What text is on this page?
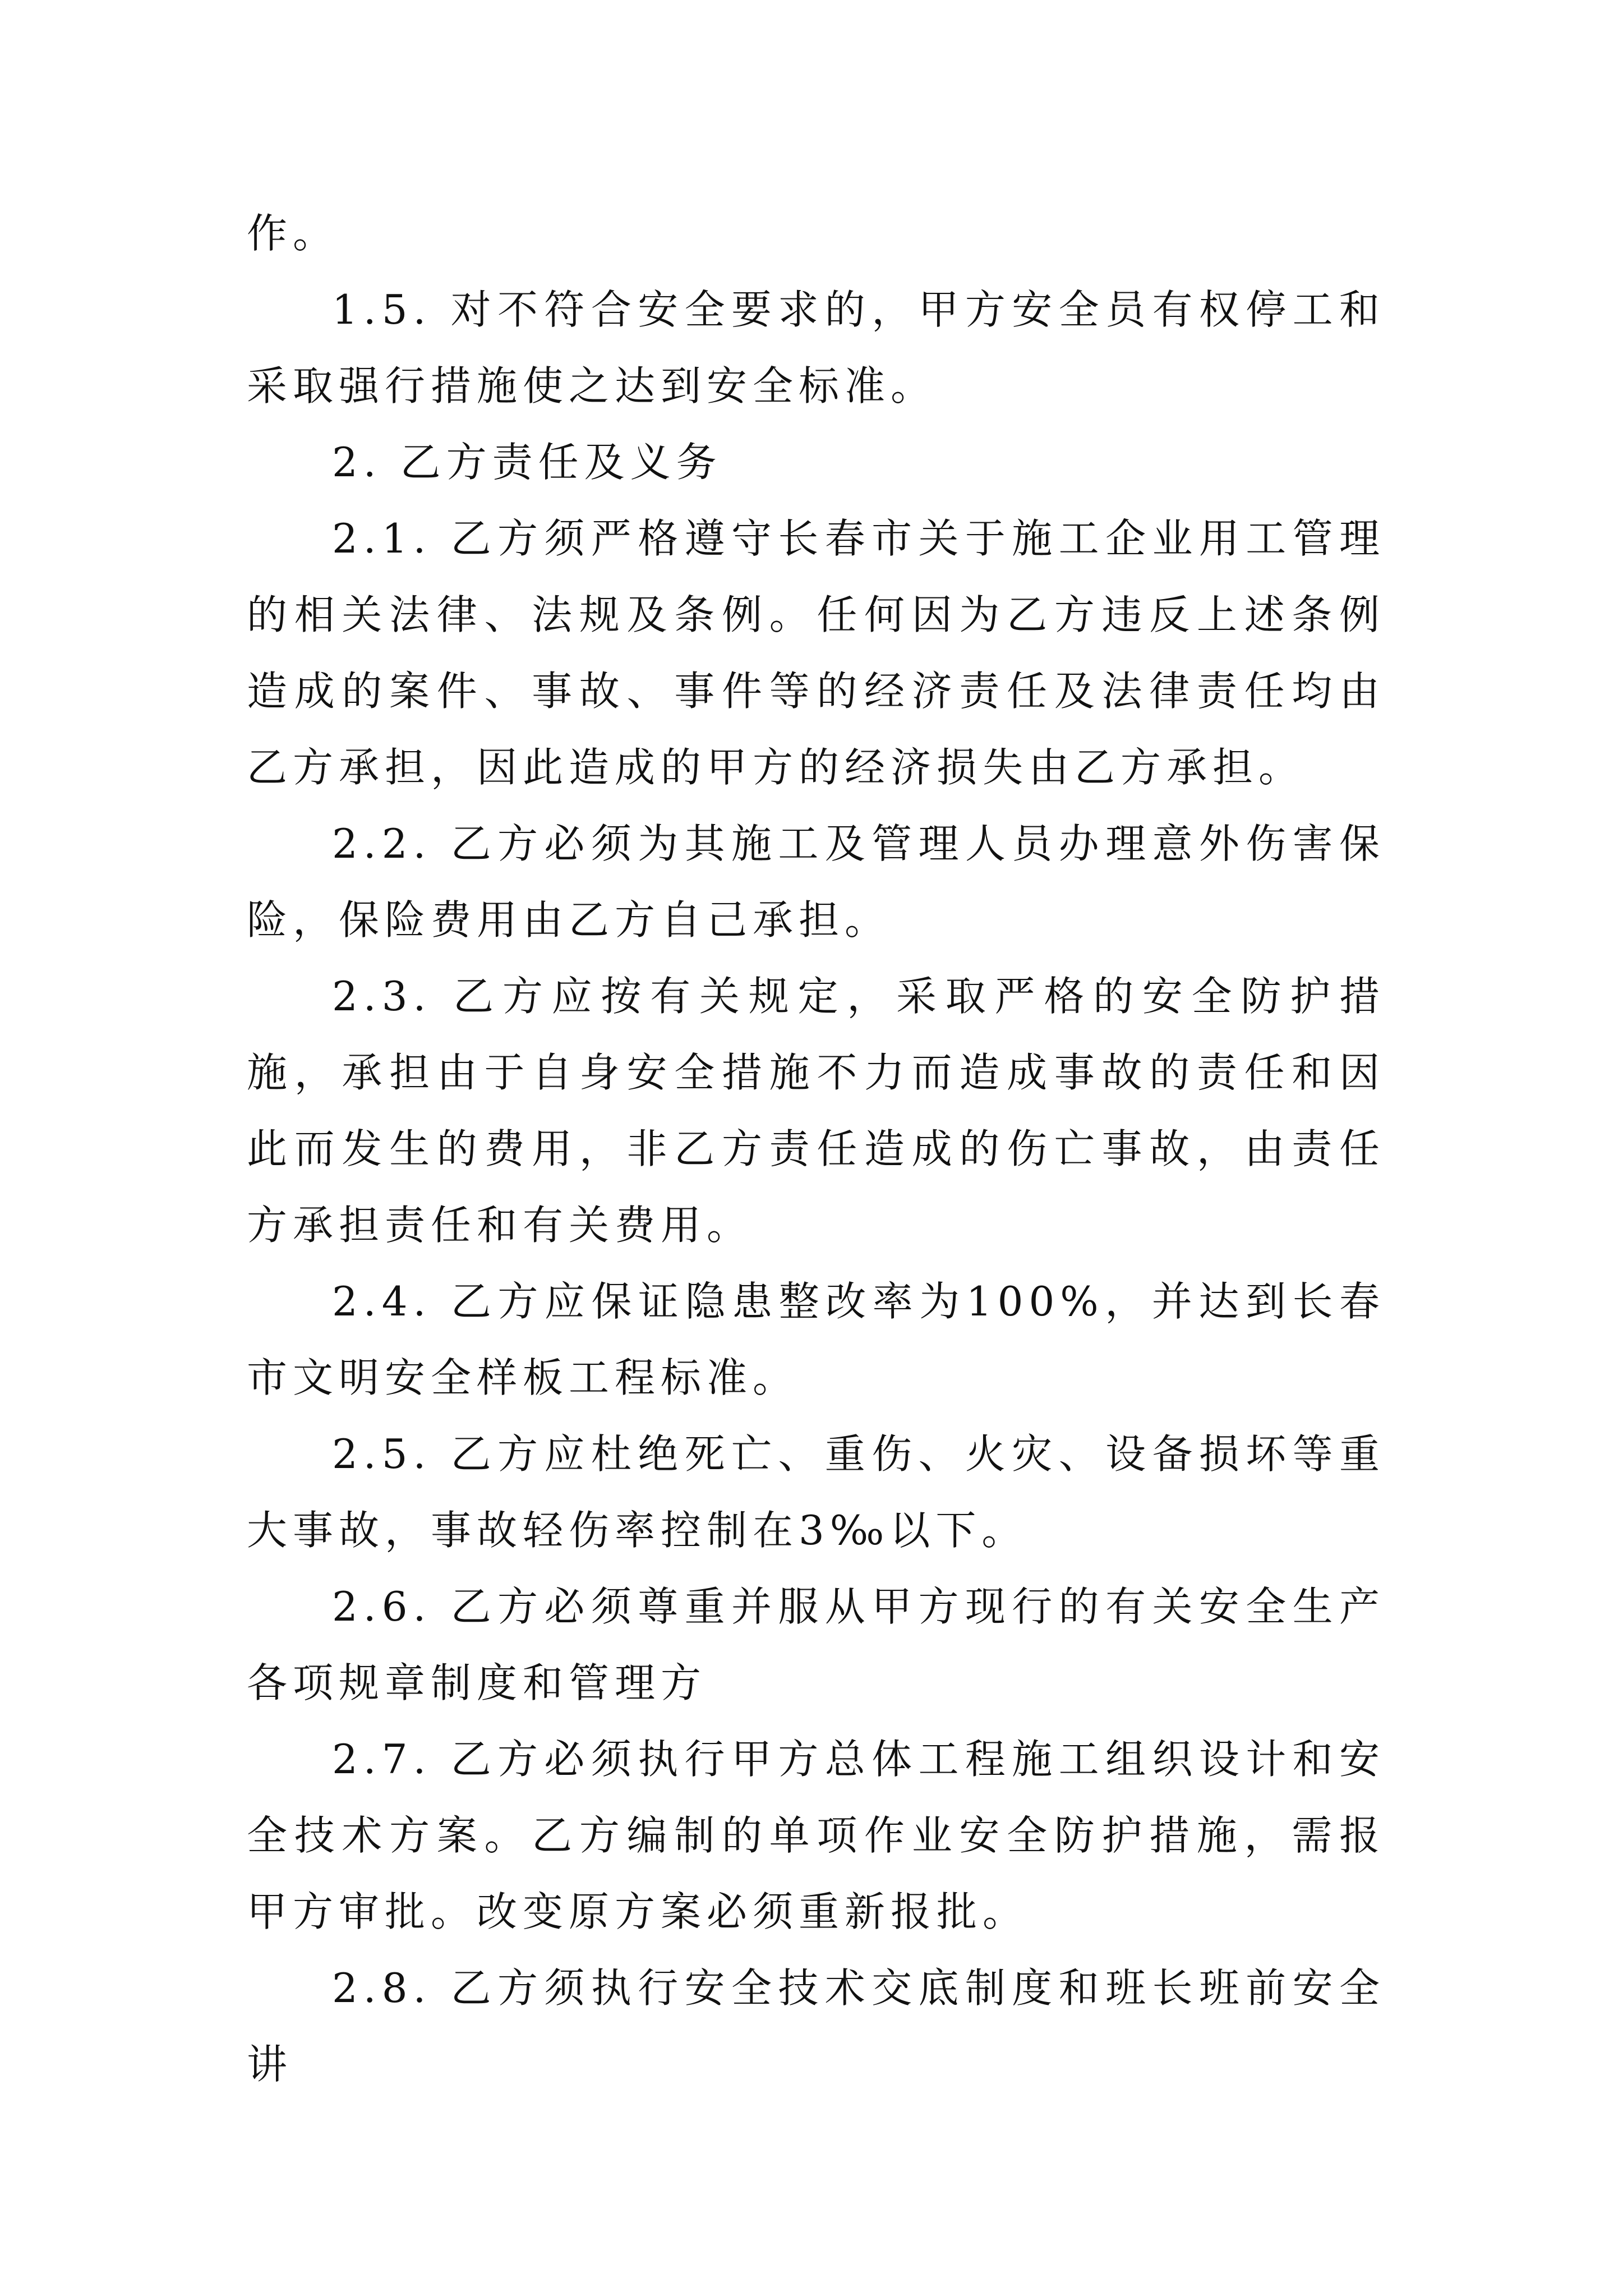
作。

1.5. 对不符合安全要求的，甲方安全员有权停工和采取强行措施使之达到安全标准。

2. 乙方责任及义务

2.1. 乙方须严格遵守长春市关于施工企业用工管理的相关法律、法规及条例。任何因为乙方违反上述条例造成的案件、事故、事件等的经济责任及法律责任均由乙方承担，因此造成的甲方的经济损失由乙方承担。

2.2. 乙方必须为其施工及管理人员办理意外伤害保险，保险费用由乙方自己承担。

2.3. 乙方应按有关规定，采取严格的安全防护措施，承担由于自身安全措施不力而造成事故的责任和因此而发生的费用，非乙方责任造成的伤亡事故，由责任方承担责任和有关费用。

2.4. 乙方应保证隐患整改率为100%，并达到长春市文明安全样板工程标准。

2.5. 乙方应杜绝死亡、重伤、火灾、设备损坏等重大事故，事故轻伤率控制在3‰以下。

2.6. 乙方必须尊重并服从甲方现行的有关安全生产各项规章制度和管理方

2.7. 乙方必须执行甲方总体工程施工组织设计和安全技术方案。乙方编制的单项作业安全防护措施，需报甲方审批。改变原方案必须重新报批。

2.8. 乙方须执行安全技术交底制度和班长班前安全讲
